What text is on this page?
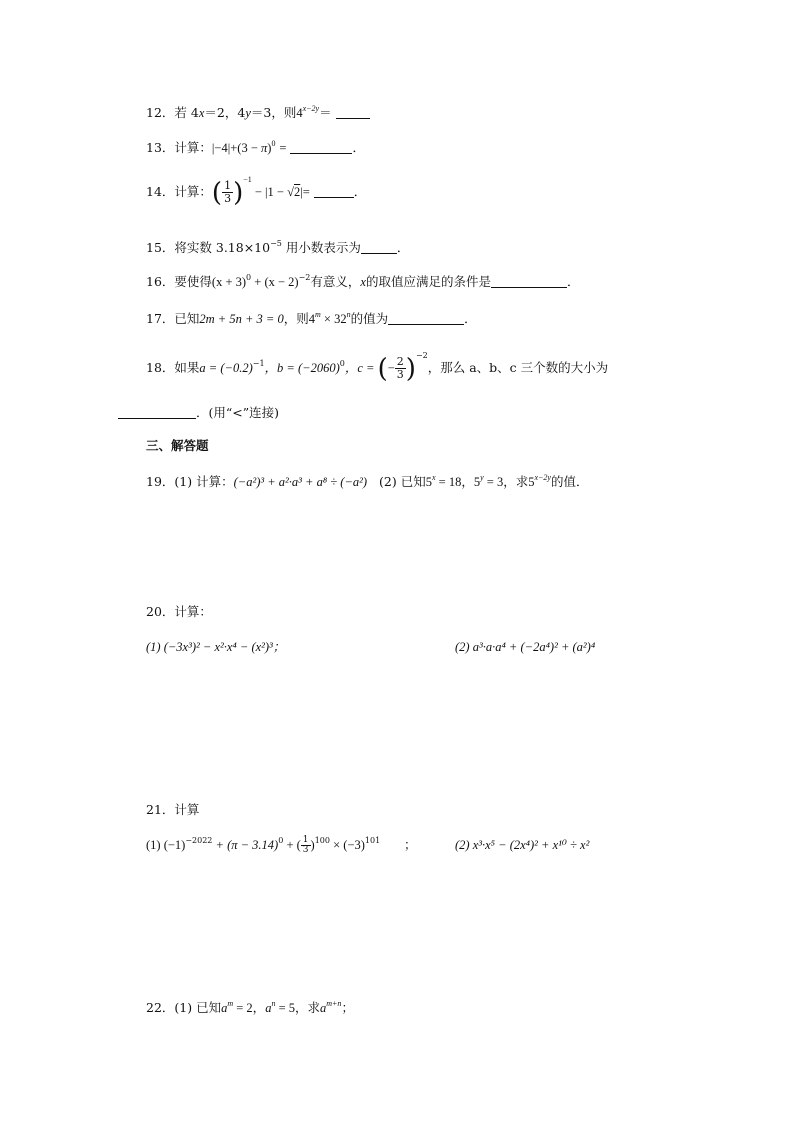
12．若 4x＝2，4y＝3，则$4^{x-2y}=$
13．计算：$|-4|+(3 - \pi)^0$ =	．
14．计算：( $\frac{1}{3} )^{-1} - |1 - √2|=$	．
15．将实数 $3.18\times 10^{-5}$ 用小数表示为	．
16．要使得$(x + 3)^0 + (x - 2)^{-2}$有意义，x的取值应满足的条件是	．
17．已知2m + 5n + 3 = 0，则$4^m \times 32^n$的值为	．
18．如果$a = (-0.2)^{-1}$，$b = (-2060)^0$，c = (− $\frac{2}{3} )^{-2}$，那么 a、b、c 三个数的大小为
．(用“<”连接)
三、解答题
19．(1) 计算：(−a²)³ + a²·a³ + a⁸ ÷ (−a²) (2) 已知$5^x = 18$，$5^y = 3$，求$5^{x-2y}$的值．
20．计算：
(1) (−3x³)² − x²·x⁴ − (x²)³；	(2) a³·a·a⁴ + (−2a⁴)² + (a²)⁴
21．计算
(1) $(-1)^{-2022} + (\pi - 3.14)^0$ + ( $\frac{1}{3} )^{100} \times (-3)^{101}$      ；	(2) x³·x⁵ − (2x⁴)² + x¹⁰ ÷ x²
22．(1) 已知$a^m = 2$，$a^n = 5$，求$a^{m+n}$；
